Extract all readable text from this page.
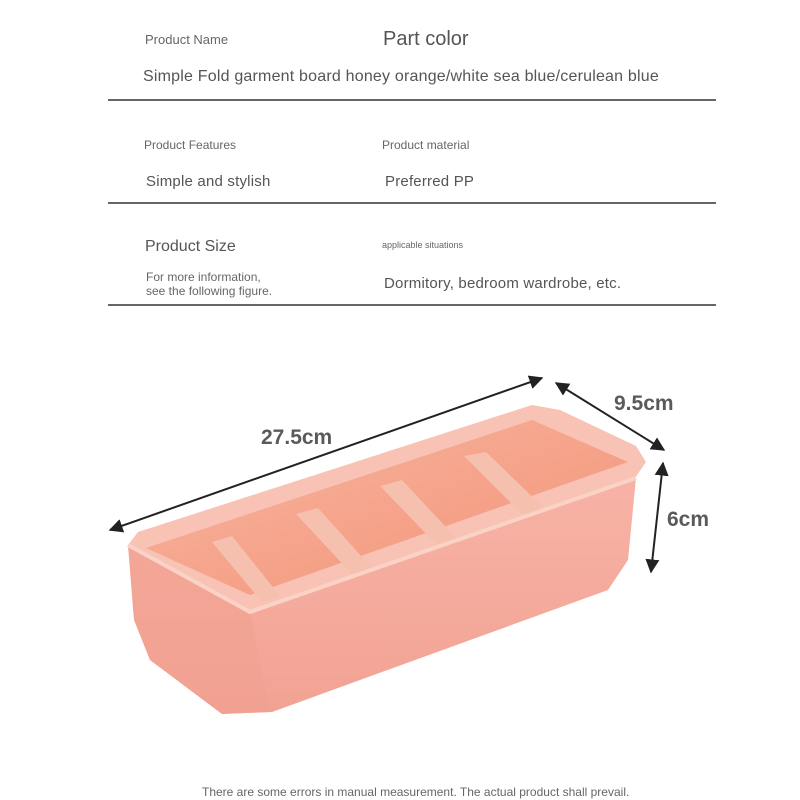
Product Name	Part color
Simple Fold garment board honey orange/white sea blue/cerulean blue
Product Features	Product material
Simple and stylish	Preferred PP
Product Size	applicable situations
For more information,
see the following figure.	Dormitory, bedroom wardrobe, etc.
27.5cm
9.5cm
6cm
There are some errors in manual measurement. The actual product shall prevail.
